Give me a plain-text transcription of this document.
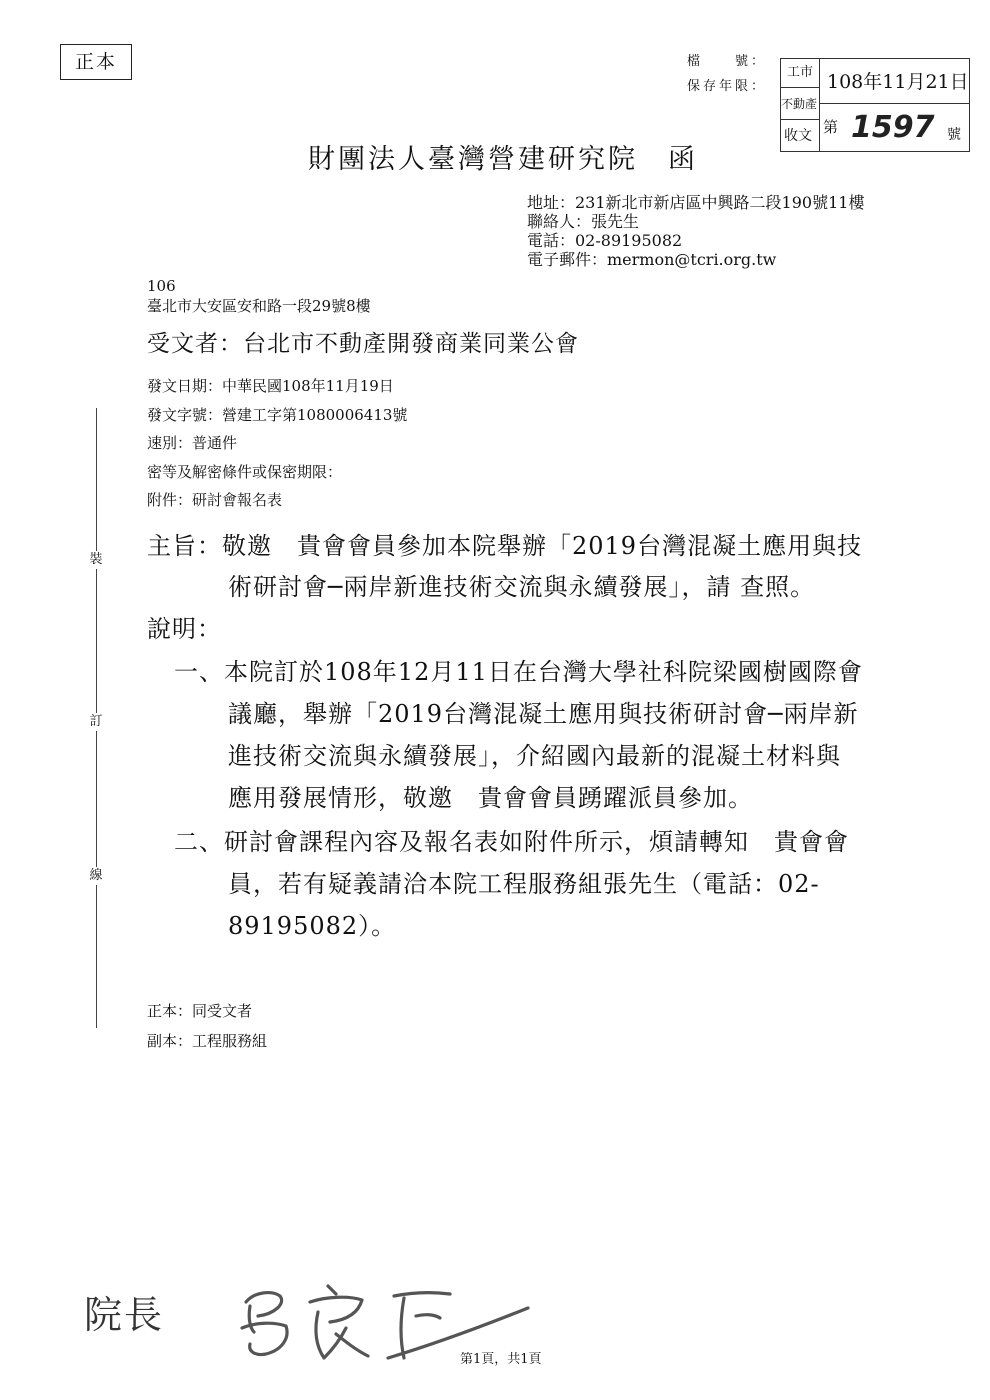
正本	檔　　號：
保存年限：
工市
不動產
收文
108年11月21日
第 1597 號
財團法人臺灣營建研究院　函
地址：231新北市新店區中興路二段190號11樓
聯絡人：張先生
電話：02-89195082
電子郵件：mermon@tcri.org.tw
106
臺北市大安區安和路一段29號8樓
受文者：台北市不動產開發商業同業公會
發文日期：中華民國108年11月19日
發文字號：營建工字第1080006413號
速別：普通件
密等及解密條件或保密期限：
附件：研討會報名表
裝
訂
線
主旨：敬邀　貴會會員參加本院舉辦「2019台灣混凝土應用與技
術研討會─兩岸新進技術交流與永續發展」，請 查照。
說明：
一、本院訂於108年12月11日在台灣大學社科院梁國樹國際會
議廳，舉辦「2019台灣混凝土應用與技術研討會─兩岸新
進技術交流與永續發展」，介紹國內最新的混凝土材料與
應用發展情形，敬邀　貴會會員踴躍派員參加。
二、研討會課程內容及報名表如附件所示，煩請轉知　貴會會
員，若有疑義請洽本院工程服務組張先生（電話：02-
89195082）。
正本：同受文者
副本：工程服務組
院長
第1頁，共1頁
